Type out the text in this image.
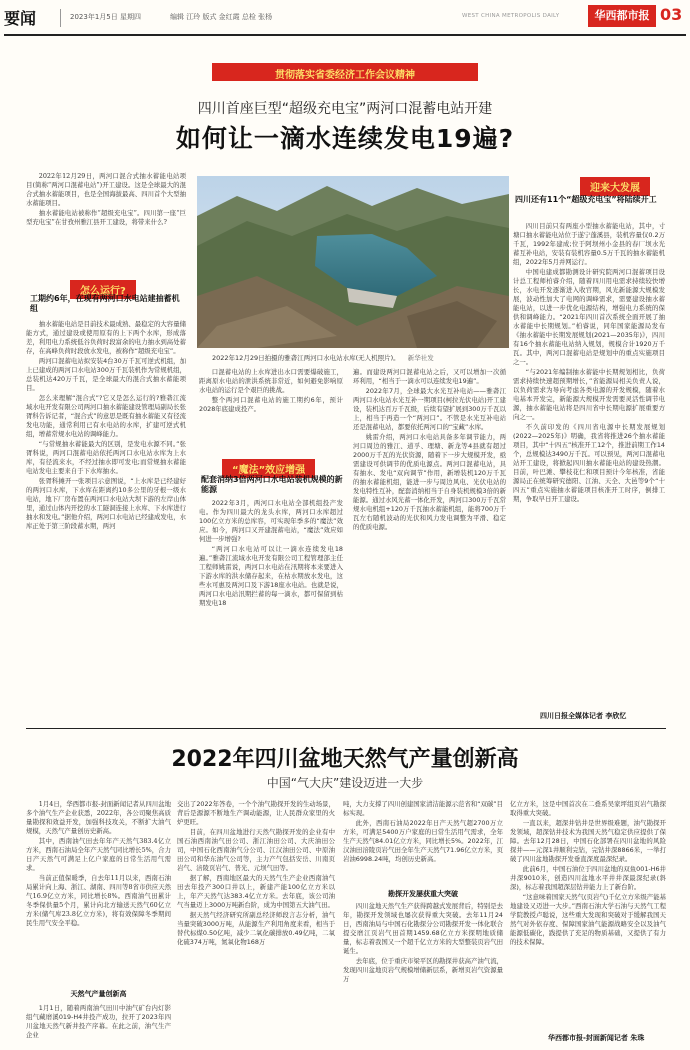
要闻	2023年1月5日 星期四	编辑 江玲 版式 金红霞 总检 张杨	WEST CHINA METROPOLIS DAILY	华西都市报 03
贯彻落实省委经济工作会议精神
四川首座巨型“超级充电宝”两河口混蓄电站开建
如何让一滴水连续发电19遍?

2022年12月29日，两河口混合式抽水蓄能电站项目(简称“两河口混蓄电站”)开工建设。这是全球最大的混合式抽水蓄能项目，也是全国海拔最高、四川首个大型抽水蓄能项目。

抽水蓄能电站被称作“超级充电宝”。四川第一座“巨型充电宝”在甘孜州雅江县开工建设，将带来什么?

怎么运行?
工期约6年，在现有两河口水电站建抽蓄机组

抽水蓄能电站是目前技术最成熟、最稳定的大容量储能方式，通过建设或使用原有的上下两个水库，形成落差，利用电力系统低谷负荷时段富余的电力抽水到高处蓄存，在高峰负荷时段放水发电，被称作“超级充电宝”。

两河口混蓄电站拟安装4台30万千瓦可逆式机组，加上已建成的两河口水电站300万千瓦装机作为常规机组，总装机达420万千瓦，是全球最大的混合式抽水蓄能项目。

怎么来理解“混合式”?它又是怎么运行的?雅砻江流域水电开发有限公司两河口抽水蓄能建设管理局副局长张胥科告诉记者，“混合式”的意思是既有抽水蓄能又有径流发电功能，通常利用已有水电站的水库，扩建可逆式机组，增蓄常规水电站的调峰能力。

“与常规抽水蓄能最大的区别，是发电水源不同。”张胥科说，两河口混蓄电站依托两河口水电站水库为上水库，有径流来水，不经过抽水即可发电;而常规抽水蓄能电站发电主要来自于下水库抽水。

张胥科摊开一张项目示意图说，“上水库是已经建好的两河口水库，下水库在距离约10多公里的牙根一级水电站，地下厂房布置在两河口水电站大坝下游的左岸山体里，通过山体内开挖的水工隧洞连接上水库、下水库进行抽水和发电。”据他介绍，两河口水电站已经建成发电，水库正处于第三阶段蓄水期，两河

2022年12月29日拍摄的雅砻江两河口水电站水库(无人机照片)。 新华社发

口混蓄电站的上水库进出水口需要爆破施工，距离原水电站的泄洪系统非常近，如何避免影响原水电站的运行是个艰巨的挑战。

整个两河口混蓄电站的施工期约6年，预计2028年底建成投产。

“魔法”效应增强
配套消纳3倍两河口水电站装机规模的新能源

2022年3月，两河口水电站全部机组投产发电。作为四川最大的龙头水库，两河口水库超过100亿立方米的总库容，可实现年季多的“魔法”效应。如今，两河口又开建混蓄电站，“魔法”效应如何进一步增强?

“两河口水电站可以让一滴水连续发电18遍。”雅砻江流域水电开发有限公司工程管理部主任工程师姚雷说，两河口水电站在汛期将本来要进入下游水库的洪水储存起来，在枯水期放水发电，这些水可惠及两河口及下游18座水电站。也就是说，两河口水电站汛期拦蓄的每一滴水，都可保留到枯期发电18

遍。而建设两河口混蓄电站之后，又可以增加一次循环利用，“相当于一滴水可以连续发电19遍”。

2022年7月，全球最大水光互补电站——雅砻江两河口水电站水光互补一期项目(柯拉光伏电站)开工建设，装机达百万千瓦级，后续有望扩展到300万千瓦以上，相当于再造一个“两河口”。不管是水光互补电站还是混蓄电站，都要依托两河口的“宝藏”水库。

姚雷介绍，两河口水电站具备多年调节能力，两河口周边的雅江、道孚、理塘、新龙等4县就有超过2000万千瓦的光伏资源，随着下一步大规模开发，亟需建设可供调节的优质电源点。两河口混蓄电站，具有抽水、发电“双向调节”作用，新增装机120万千瓦的抽水蓄能机组，能进一步与周边风电、光伏电站的发电特性互补，配套消纳相当于自身装机规模3倍的新能源。通过水风光蓄一体化开发，两河口300万千瓦常规水电机组+120万千瓦抽水蓄能机组，能将700万千瓦左右随机波动的光伏和风力发电调整为平滑、稳定的优质电源。

迎来大发展
四川还有11个“超级充电宝”将陆续开工

四川目前只有两座小型抽水蓄能电站，其中，寸塘口抽水蓄能电站位于遂宁蓬溪县，装机容量仅0.2万千瓦，1992年建成;位于阿坝州小金县的春厂坝水光蓄互补电站，安装有装机容量0.5万千瓦的抽水蓄能机组，2022年5月并网运行。

中国电建成都勘测设计研究院两河口混蓄项目设计总工程师柏睿介绍，随着四川用电需求持续较快增长，水电开发逐渐进入收官期，风光新能源大规模发展，波动性加大了电网的调峰需求，需要建设抽水蓄能电站，以进一步优化电源结构，增强电力系统的保供和调峰能力。“2021年四川首次系统全面开展了抽水蓄能中长期规划。”柏睿说，同年国家能源局发布《抽水蓄能中长期发展规划(2021—2035年)》，四川有16个抽水蓄能电站纳入规划，规模合计1920万千瓦。其中，两河口混蓄电站是规划中的重点实施项目之一。

“与2021年编制抽水蓄能中长期规划相比，负荷需求持续快速超预期增长，”省能源局相关负责人说，以负荷需求为导向考虑各类电源的开发规模，随着水电基本开发完，新能源大规模开发需要灵活性调节电源，抽水蓄能电站将是四川省中长期电源扩展重要方向之一。

不久前印发的《四川省电源中长期发展规划(2022—2025年)》明确，我省将推进26个抽水蓄能项目，其中“十四五”核准开工12个，推进前期工作14个，总规模达3490万千瓦。可以预见，两河口混蓄电站开工建设，将掀起四川抽水蓄能电站的建设热潮。目前，叶巴滩、攀枝花仁和项目预计今年核准，省能源局正在统筹研究德阳、江油、天全、大邑等9个“十四五”重点实施抽水蓄能项目核准开工时序，倒排工期，争取早日开工建设。

四川日报全媒体记者 李欣忆
2022年四川盆地天然气产量创新高
中国“气大庆”建设迈进一大步

1月4日，华西都市报-封面新闻记者从四川盆地多个油气生产企业获悉，2022年，各公司聚焦高质量勘探和效益开发，加强科技攻关，不断扩大油气规模，天然气产量创历史新高。

其中，西南油气田去年年产天然气383.4亿立方米，西南石油局全年产天然气同比增长5%，合力日产天然气可满足上亿户家庭的日常生活用气需求。

当前正值保暖季，自去年11月以来，西南石油局累计向上海、浙江、湖南、四川等8省市供应天然气16.9亿立方米，同比增长8%。西南油气田累计冬季保供量5个月，累计向北方输送天然气60亿立方米(储气库23.8亿立方米)，将有效保障冬季期间民生用气安全平稳。

天然气产量创新高

1月1日，随着两南油气田川中油气矿台内灯影组气藏磨溪019-H4井投产成功，拉开了2023年四川盆地天然气新井投产序幕。在此之前，油气生产企业

交出了2022年答卷，一个个油气勘探开发的生动场景，背后是源源不断地生产调动能源，让人民群众家里的火炉更旺。

目前，在四川盆地进行天然气勘探开发的企业有中国石油西南油气田公司、浙江油田公司、大庆油田公司，中国石化西南油气分公司、江汉油田公司、中原油田公司和华东油气公司等，主力产气包括安岳、川南页岩气、涪陵页岩气、普光、元坝气田等。

据了解，西南地区最大的天然气生产企业西南油气田去年投产300口井以上，新建产能100亿立方米以上，年产天然气达383.4亿立方米。去年底，该公司油气当量迈上3000万吨新台阶，成为中国第五大油气田。

据天然气经济研究所副总经济师段言志分析，油气当量突破3000万吨，从能源生产利用角度来看，相当于替代标煤0.50亿吨，减少二氧化碳排放0.49亿吨，二氧化硫374万吨，氮氧化物168万

吨，大力支撑了四川创建国家清洁能源示范省和“双碳”目标实现。

此外，西南石油局2022年日产天然气超2700万立方米，可满足5400万户家庭的日常生活用气需求，全年生产天然气84.01亿立方米，同比增长5%。2022年，江汉油田涪陵页岩气田全年生产天然气71.96亿立方米，页岩油6998.24吨，均创历史新高。

勘探开发屡获重大突破

四川盆地天然气生产获得跨越式发展背后，特别是去年，勘探开发领域也屡次获得重大突破。去年11月24日，西南油局与中国石化勘探分公司勘探开发一体化联合提交磨江页岩气田首期1459.68亿立方米探明地质储量，标志着我国又一个超千亿立方米的大型整装页岩气田诞生。

去年底，位于重庆市梁平区的勘探井获高产油气流，发现四川盆地页岩气规模增储新层系，新增页岩气资源量万

亿立方米，这是中国首次在二叠系吴家坪组页岩气勘探取得重大突破。

一直以来，超深井钻井是世界级难题，油气勘探开发领域，超深钻井技术为我国天然气稳定供应提供了保障。去年12月28日，中国石化部署在四川盆地的风险探井——元深1井顺利完钻，完钻井深8866米，一举打破了四川盆地勘探开发垂直深度最深纪录。

此前6月，中国石油位于四川盆地的双鱼001-H6井井深9010米，创造四川盆地水平井井深最深纪录(斜深)，标志着我国超深层钻井能力上了新台阶。

“这意味着国家天然气(页岩气)千亿立方米级产能基地建设又迈进一大步。”西南石油大学石油与天然气工程学院教授卢聪说，这些重大发现和突破对于缓解我国天然气对外依存度、保障国家油气能源战略安全以及油气能源低碳化，践提供了充足的物质基础，又提供了有力的技术保障。

华西都市报-封面新闻记者 朱珠
